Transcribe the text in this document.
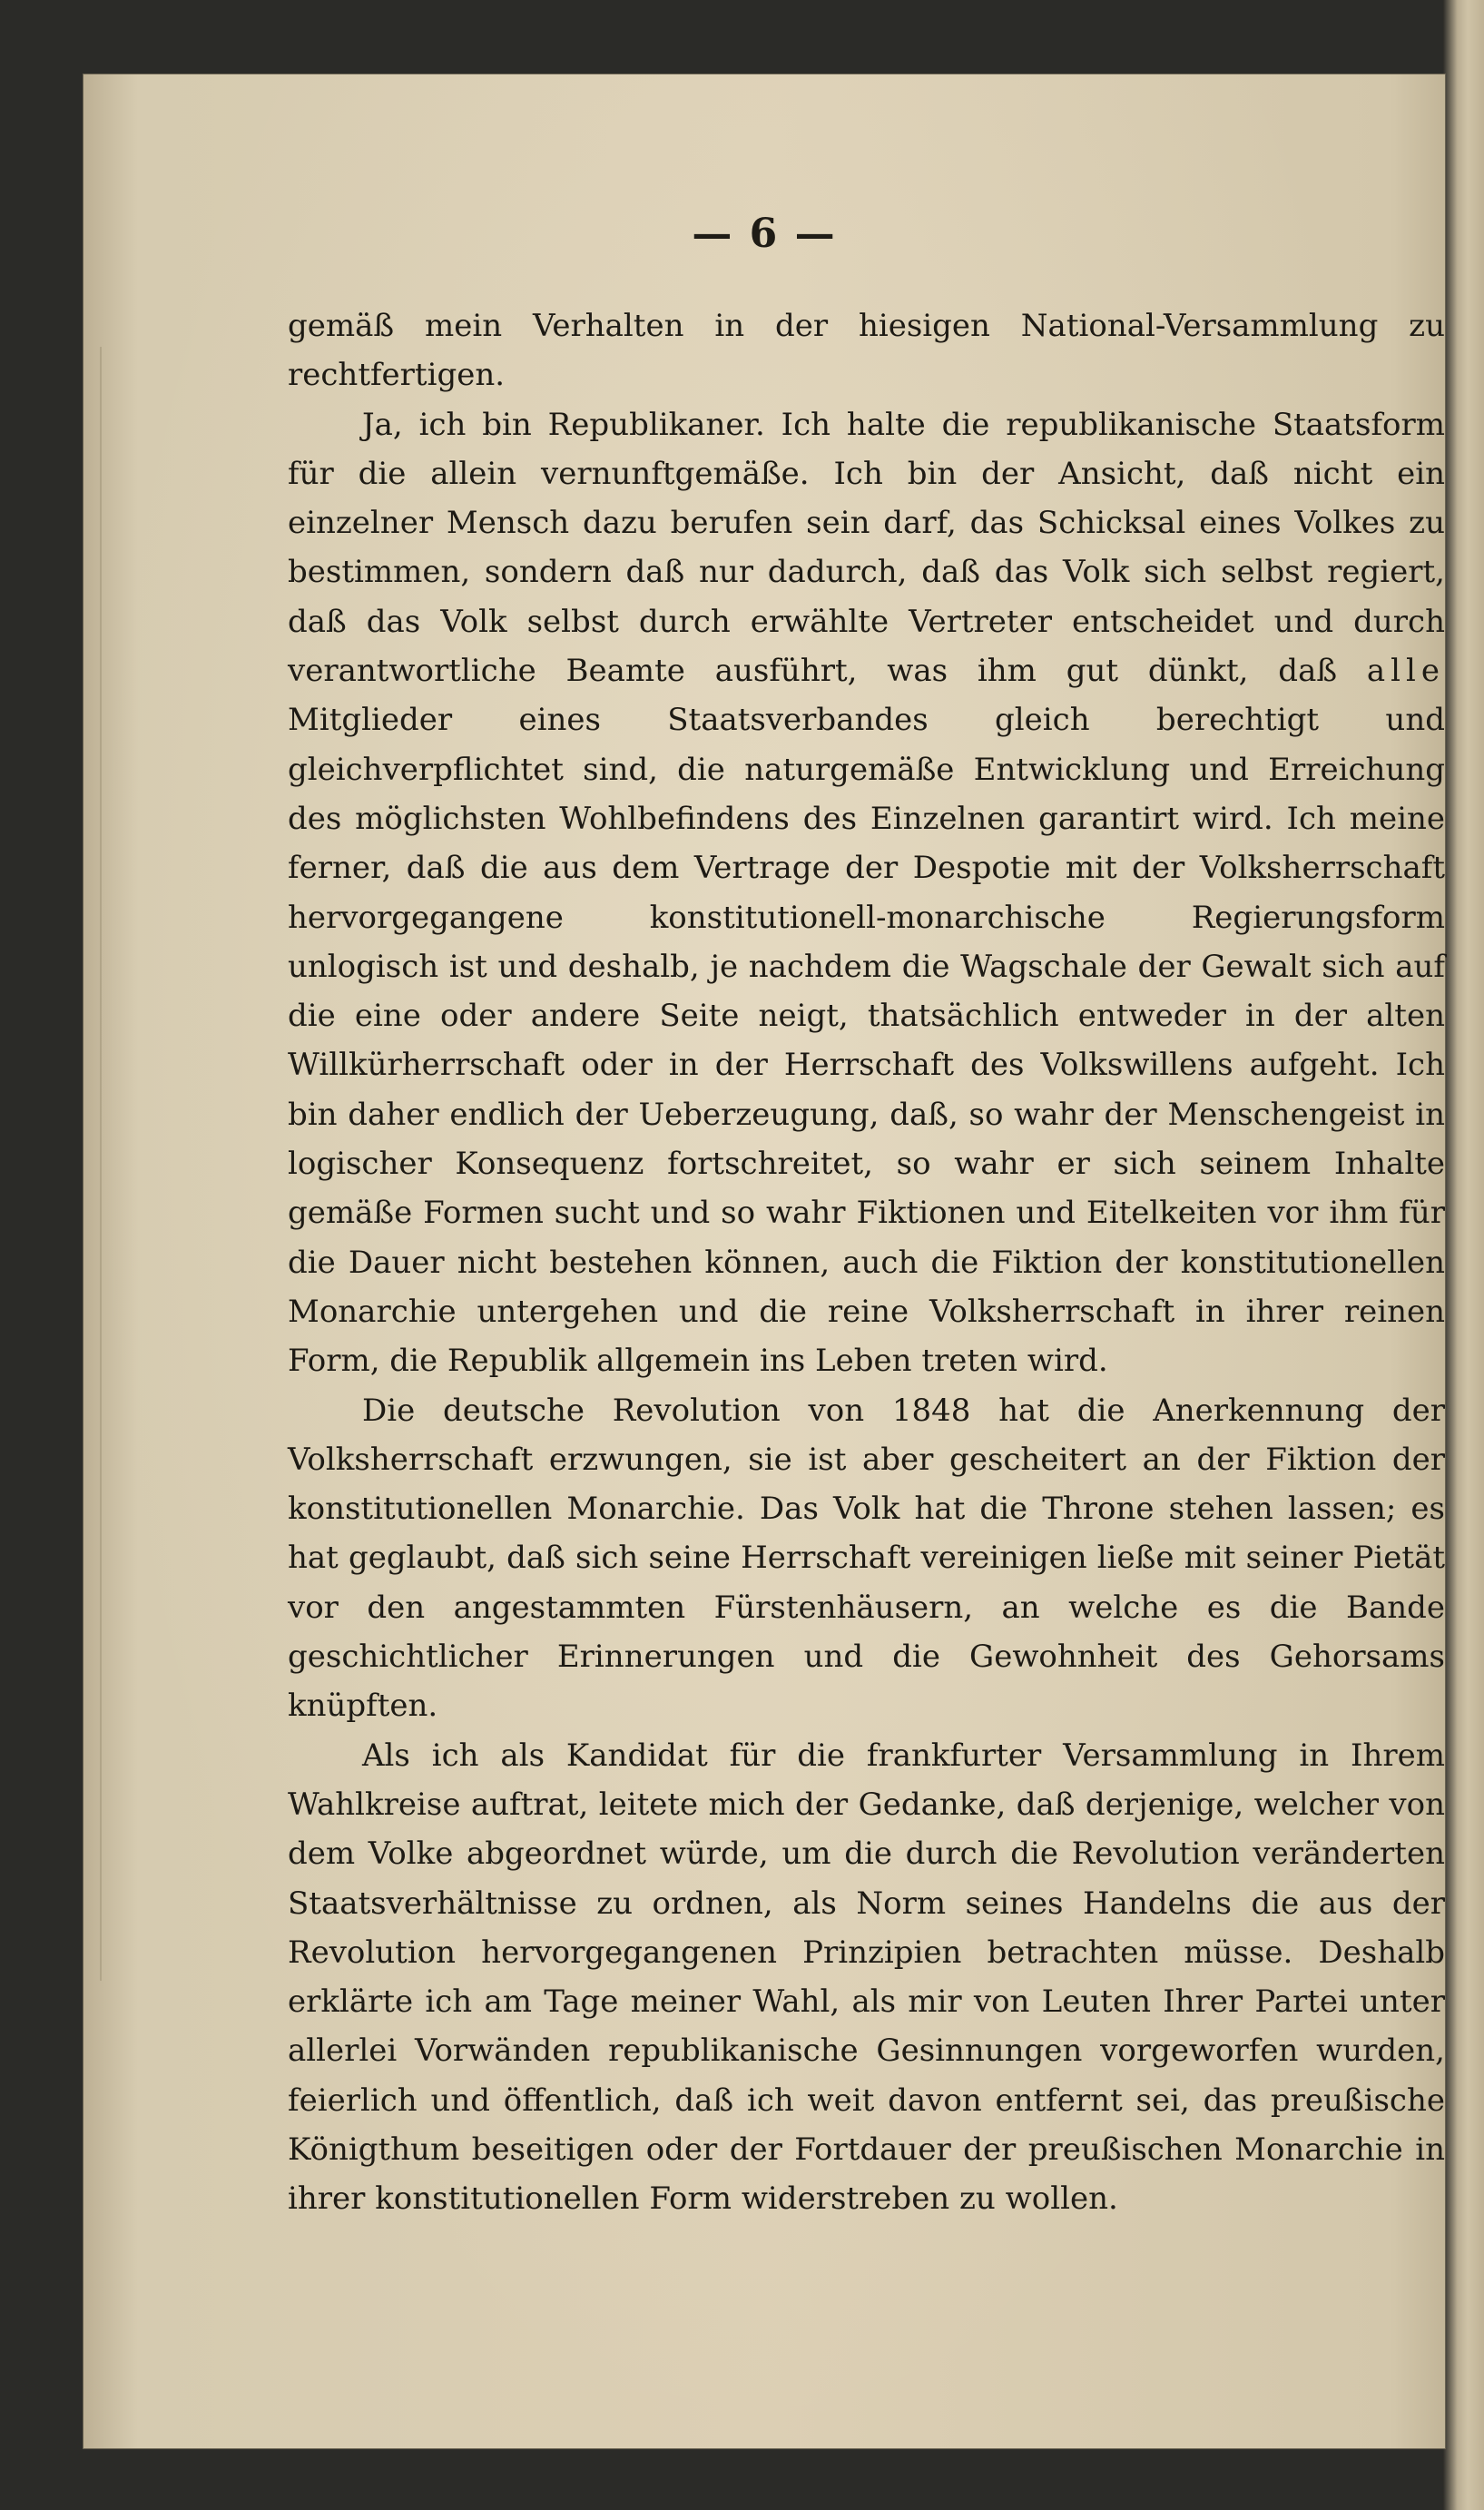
— 6 —

gemäß mein Verhalten in der hiesigen National-Versammlung zu rechtfertigen.

Ja, ich bin Republikaner. Ich halte die republikanische Staatsform für die allein vernunftgemäße. Ich bin der Ansicht, daß nicht ein einzelner Mensch dazu berufen sein darf, das Schicksal eines Volkes zu bestimmen, sondern daß nur dadurch, daß das Volk sich selbst regiert, daß das Volk selbst durch erwählte Vertreter entscheidet und durch verantwortliche Beamte ausführt, was ihm gut dünkt, daß alle Mitglieder eines Staatsverbandes gleich berechtigt und gleichverpflichtet sind, die naturgemäße Entwicklung und Erreichung des möglichsten Wohlbefindens des Einzelnen garantirt wird. Ich meine ferner, daß die aus dem Vertrage der Despotie mit der Volksherrschaft hervorgegangene konstitutionell-monarchische Regierungsform unlogisch ist und deshalb, je nachdem die Wagschale der Gewalt sich auf die eine oder andere Seite neigt, thatsächlich entweder in der alten Willkürherrschaft oder in der Herrschaft des Volkswillens aufgeht. Ich bin daher endlich der Ueberzeugung, daß, so wahr der Menschengeist in logischer Konsequenz fortschreitet, so wahr er sich seinem Inhalte gemäße Formen sucht und so wahr Fiktionen und Eitelkeiten vor ihm für die Dauer nicht bestehen können, auch die Fiktion der konstitutionellen Monarchie untergehen und die reine Volksherrschaft in ihrer reinen Form, die Republik allgemein ins Leben treten wird.

Die deutsche Revolution von 1848 hat die Anerkennung der Volksherrschaft erzwungen, sie ist aber gescheitert an der Fiktion der konstitutionellen Monarchie. Das Volk hat die Throne stehen lassen; es hat geglaubt, daß sich seine Herrschaft vereinigen ließe mit seiner Pietät vor den angestammten Fürstenhäusern, an welche es die Bande geschichtlicher Erinnerungen und die Gewohnheit des Gehorsams knüpften.

Als ich als Kandidat für die frankfurter Versammlung in Ihrem Wahlkreise auftrat, leitete mich der Gedanke, daß derjenige, welcher von dem Volke abgeordnet würde, um die durch die Revolution veränderten Staatsverhältnisse zu ordnen, als Norm seines Handelns die aus der Revolution hervorgegangenen Prinzipien betrachten müsse. Deshalb erklärte ich am Tage meiner Wahl, als mir von Leuten Ihrer Partei unter allerlei Vorwänden republikanische Gesinnungen vorgeworfen wurden, feierlich und öffentlich, daß ich weit davon entfernt sei, das preußische Königthum beseitigen oder der Fortdauer der preußischen Monarchie in ihrer konstitutionellen Form widerstreben zu wollen.
